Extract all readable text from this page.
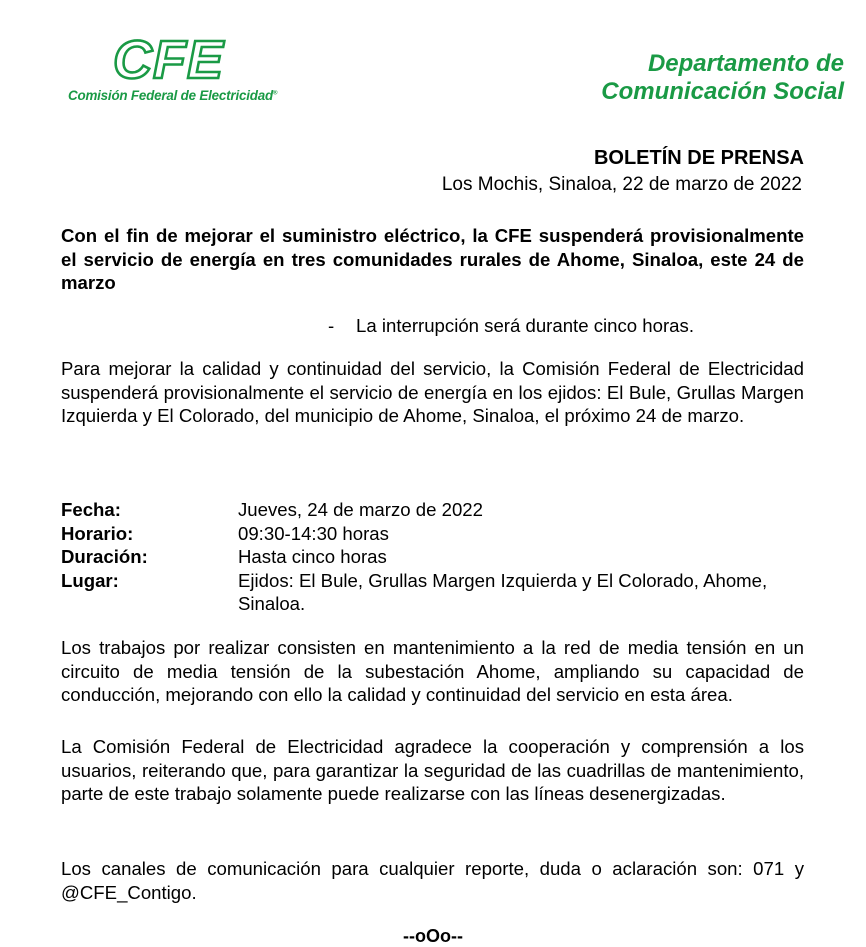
CFE
Comisión Federal de Electricidad®
Departamento de
Comunicación Social
BOLETÍN DE PRENSA
Los Mochis, Sinaloa, 22 de marzo de 2022
Con el fin de mejorar el suministro eléctrico, la CFE suspenderá provisionalmente el servicio de energía en tres comunidades rurales de Ahome, Sinaloa, este 24 de marzo
- La interrupción será durante cinco horas.
Para mejorar la calidad y continuidad del servicio, la Comisión Federal de Electricidad suspenderá provisionalmente el servicio de energía en los ejidos: El Bule, Grullas Margen Izquierda y El Colorado, del municipio de Ahome, Sinaloa, el próximo 24 de marzo.
Fecha:	Jueves, 24 de marzo de 2022
Horario:	09:30-14:30 horas
Duración:	Hasta cinco horas
Lugar:	Ejidos: El Bule, Grullas Margen Izquierda y El Colorado, Ahome, Sinaloa.
Los trabajos por realizar consisten en mantenimiento a la red de media tensión en un circuito de media tensión de la subestación Ahome, ampliando su capacidad de conducción, mejorando con ello la calidad y continuidad del servicio en esta área.
La Comisión Federal de Electricidad agradece la cooperación y comprensión a los usuarios, reiterando que, para garantizar la seguridad de las cuadrillas de mantenimiento, parte de este trabajo solamente puede realizarse con las líneas desenergizadas.
Los canales de comunicación para cualquier reporte, duda o aclaración son: 071 y @CFE_Contigo.
--oOo--
